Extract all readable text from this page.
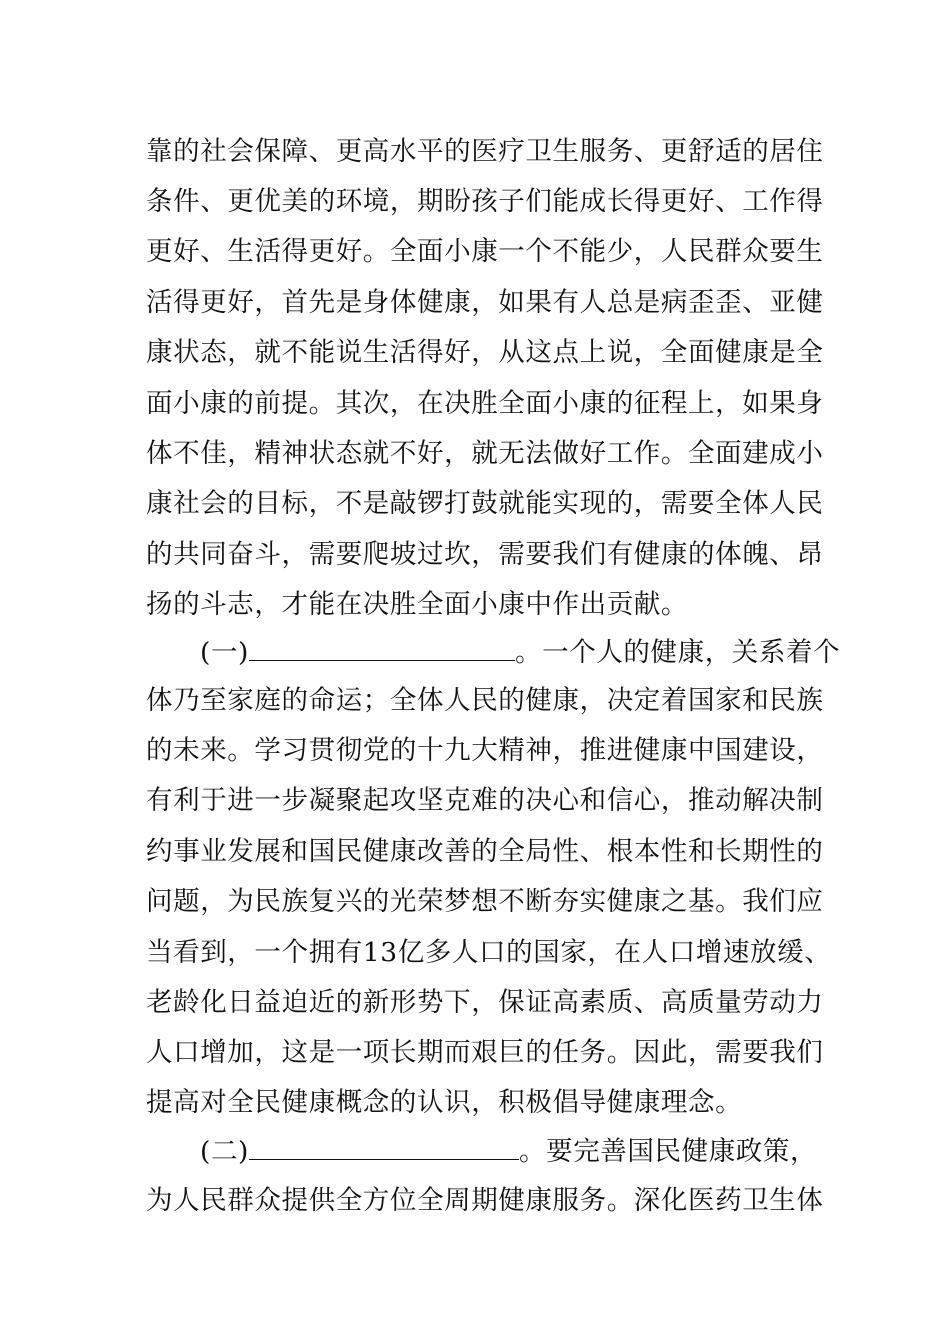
靠的社会保障、更高水平的医疗卫生服务、更舒适的居住
条件、更优美的环境，期盼孩子们能成长得更好、工作得
更好、生活得更好。全面小康一个不能少，人民群众要生
活得更好，首先是身体健康，如果有人总是病歪歪、亚健
康状态，就不能说生活得好，从这点上说，全面健康是全
面小康的前提。其次，在决胜全面小康的征程上，如果身
体不佳，精神状态就不好，就无法做好工作。全面建成小
康社会的目标，不是敲锣打鼓就能实现的，需要全体人民
的共同奋斗，需要爬坡过坎，需要我们有健康的体魄、昂
扬的斗志，才能在决胜全面小康中作出贡献。
(一)	。一个人的健康，关系着个
体乃至家庭的命运；全体人民的健康，决定着国家和民族
的未来。学习贯彻党的十九大精神，推进健康中国建设，
有利于进一步凝聚起攻坚克难的决心和信心，推动解决制
约事业发展和国民健康改善的全局性、根本性和长期性的
问题，为民族复兴的光荣梦想不断夯实健康之基。我们应
当看到，一个拥有13亿多人口的国家，在人口增速放缓、
老龄化日益迫近的新形势下，保证高素质、高质量劳动力
人口增加，这是一项长期而艰巨的任务。因此，需要我们
提高对全民健康概念的认识，积极倡导健康理念。
(二)	。要完善国民健康政策，
为人民群众提供全方位全周期健康服务。深化医药卫生体
